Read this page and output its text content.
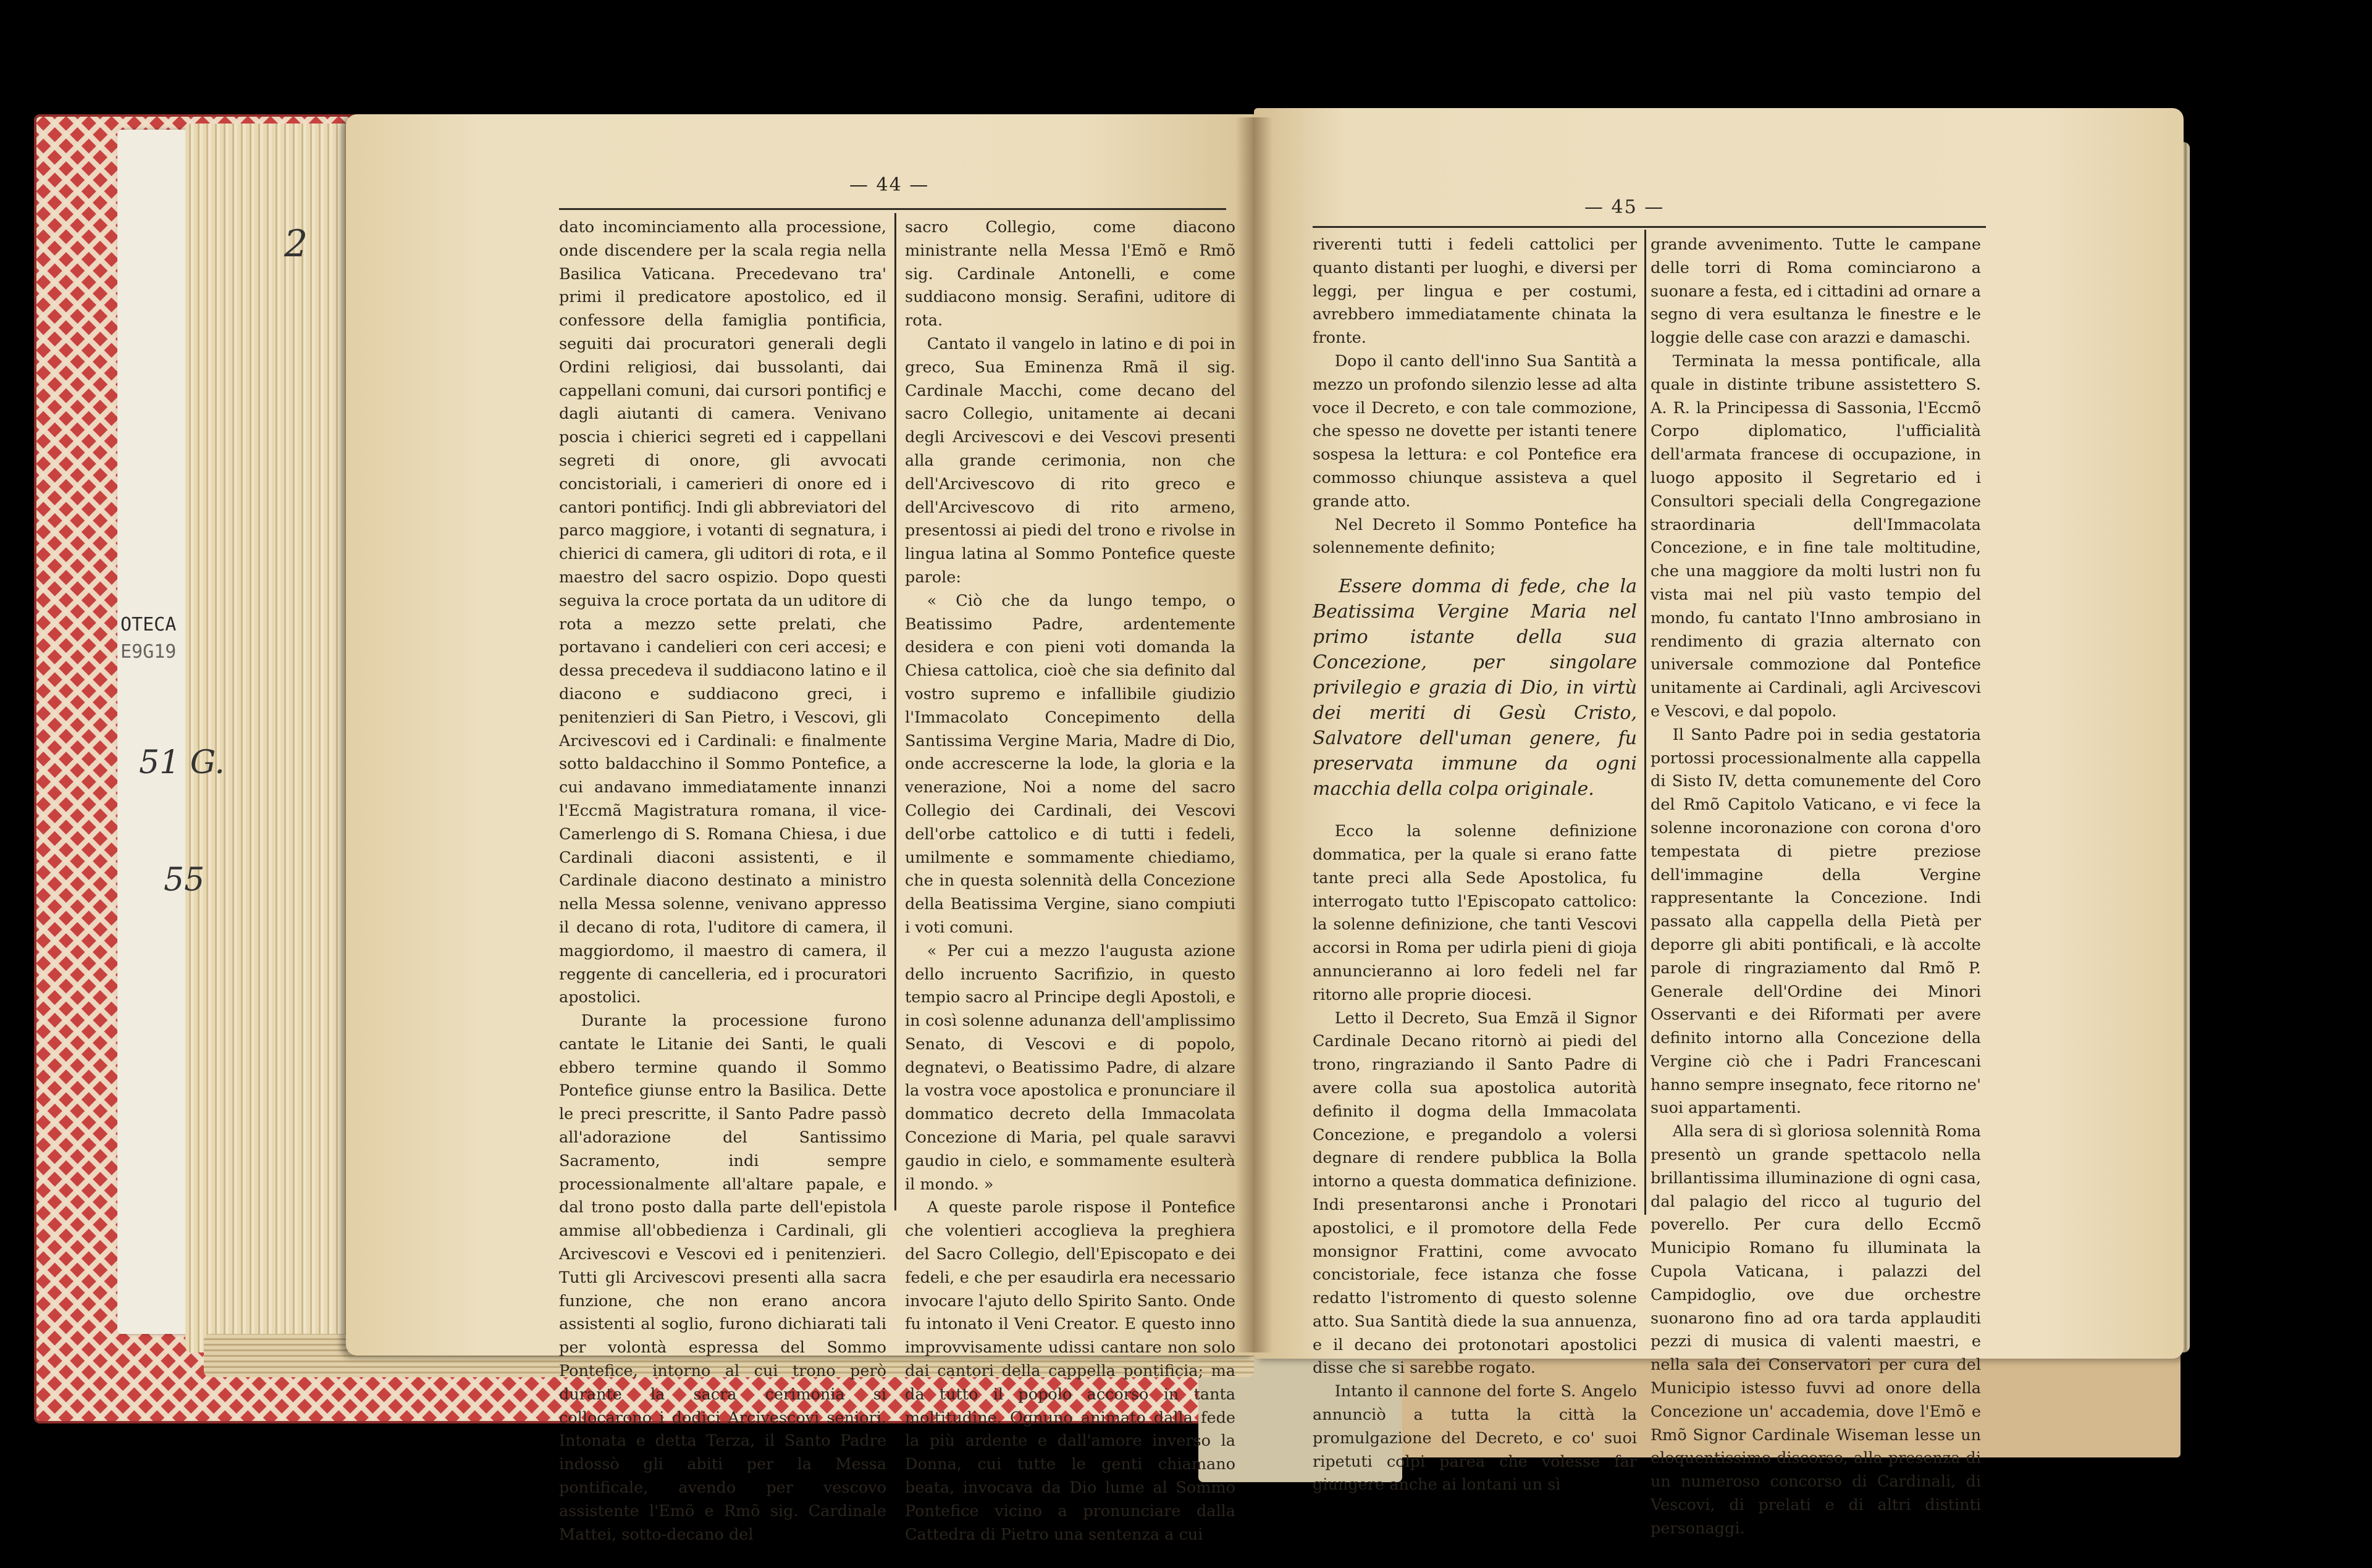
OTECA
E9G19
2
51 G.
55
— 44 —
— 45 —

dato incominciamento alla processione, onde discendere per la scala regia nella Basilica Vaticana. Precedevano tra' primi il predicatore apostolico, ed il confessore della famiglia pontificia, seguiti dai procuratori generali degli Ordini religiosi, dai bussolanti, dai cappellani comuni, dai cursori pontificj e dagli aiutanti di camera. Venivano poscia i chierici segreti ed i cappellani segreti di onore, gli avvocati concistoriali, i camerieri di onore ed i cantori pontificj. Indi gli abbreviatori del parco maggiore, i votanti di segnatura, i chierici di camera, gli uditori di rota, e il maestro del sacro ospizio. Dopo questi seguiva la croce portata da un uditore di rota a mezzo sette prelati, che portavano i candelieri con ceri accesi; e dessa precedeva il suddiacono latino e il diacono e suddiacono greci, i penitenzieri di San Pietro, i Vescovi, gli Arcivescovi ed i Cardinali: e finalmente sotto baldacchino il Sommo Pontefice, a cui andavano immediatamente innanzi l'Eccmã Magistratura romana, il vice-Camerlengo di S. Romana Chiesa, i due Cardinali diaconi assistenti, e il Cardinale diacono destinato a ministro nella Messa solenne, venivano appresso il decano di rota, l'uditore di camera, il maggiordomo, il maestro di camera, il reggente di cancelleria, ed i procuratori apostolici.

Durante la processione furono cantate le Litanie dei Santi, le quali ebbero termine quando il Sommo Pontefice giunse entro la Basilica. Dette le preci prescritte, il Santo Padre passò all'adorazione del Santissimo Sacramento, indi sempre processionalmente all'altare papale, e dal trono posto dalla parte dell'epistola ammise all'obbedienza i Cardinali, gli Arcivescovi e Vescovi ed i penitenzieri. Tutti gli Arcivescovi presenti alla sacra funzione, che non erano ancora assistenti al soglio, furono dichiarati tali per volontà espressa del Sommo Pontefice, intorno al cui trono però durante la sacra cerimonia si collocarono i dodici Arcivescovi seniori. Intonata e detta Terza, il Santo Padre indossò gli abiti per la Messa pontificale, avendo per vescovo assistente l'Emõ e Rmõ sig. Cardinale Mattei, sotto-decano del

sacro Collegio, come diacono ministrante nella Messa l'Emõ e Rmõ sig. Cardinale Antonelli, e come suddiacono monsig. Serafini, uditore di rota.

Cantato il vangelo in latino e di poi in greco, Sua Eminenza Rmã il sig. Cardinale Macchi, come decano del sacro Collegio, unitamente ai decani degli Arcivescovi e dei Vescovi presenti alla grande cerimonia, non che dell'Arcivescovo di rito greco e dell'Arcivescovo di rito armeno, presentossi ai piedi del trono e rivolse in lingua latina al Sommo Pontefice queste parole:

« Ciò che da lungo tempo, o Beatissimo Padre, ardentemente desidera e con pieni voti domanda la Chiesa cattolica, cioè che sia definito dal vostro supremo e infallibile giudizio l'Immacolato Concepimento della Santissima Vergine Maria, Madre di Dio, onde accrescerne la lode, la gloria e la venerazione, Noi a nome del sacro Collegio dei Cardinali, dei Vescovi dell'orbe cattolico e di tutti i fedeli, umilmente e sommamente chiediamo, che in questa solennità della Concezione della Beatissima Vergine, siano compiuti i voti comuni.

« Per cui a mezzo l'augusta azione dello incruento Sacrifizio, in questo tempio sacro al Principe degli Apostoli, e in così solenne adunanza dell'amplissimo Senato, di Vescovi e di popolo, degnatevi, o Beatissimo Padre, di alzare la vostra voce apostolica e pronunciare il dommatico decreto della Immacolata Concezione di Maria, pel quale saravvi gaudio in cielo, e sommamente esulterà il mondo. »

A queste parole rispose il Pontefice che volentieri accoglieva la preghiera del Sacro Collegio, dell'Episcopato e dei fedeli, e che per esaudirla era necessario invocare l'ajuto dello Spirito Santo. Onde fu intonato il Veni Creator. E questo inno improvvisamente udissi cantare non solo dai cantori della cappella pontificia; ma da tutto il popolo accorso in tanta moltitudine. Ognuno animato dalla fede la più ardente e dall'amore inverso la Donna, cui tutte le genti chiamano beata, invocava da Dio lume al Sommo Pontefice vicino a pronunciare dalla Cattedra di Pietro una sentenza a cui

riverenti tutti i fedeli cattolici per quanto distanti per luoghi, e diversi per leggi, per lingua e per costumi, avrebbero immediatamente chinata la fronte.

Dopo il canto dell'inno Sua Santità a mezzo un profondo silenzio lesse ad alta voce il Decreto, e con tale commozione, che spesso ne dovette per istanti tenere sospesa la lettura: e col Pontefice era commosso chiunque assisteva a quel grande atto.

Nel Decreto il Sommo Pontefice ha solennemente definito;

Essere domma di fede, che la Beatissima Vergine Maria nel primo istante della sua Concezione, per singolare privilegio e grazia di Dio, in virtù dei meriti di Gesù Cristo, Salvatore dell'uman genere, fu preservata immune da ogni macchia della colpa originale.

Ecco la solenne definizione dommatica, per la quale si erano fatte tante preci alla Sede Apostolica, fu interrogato tutto l'Episcopato cattolico: la solenne definizione, che tanti Vescovi accorsi in Roma per udirla pieni di gioja annuncieranno ai loro fedeli nel far ritorno alle proprie diocesi.

Letto il Decreto, Sua Emzã il Signor Cardinale Decano ritornò ai piedi del trono, ringraziando il Santo Padre di avere colla sua apostolica autorità definito il dogma della Immacolata Concezione, e pregandolo a volersi degnare di rendere pubblica la Bolla intorno a questa dommatica definizione. Indi presentaronsi anche i Pronotari apostolici, e il promotore della Fede monsignor Frattini, come avvocato concistoriale, fece istanza che fosse redatto l'istromento di questo solenne atto. Sua Santità diede la sua annuenza, e il decano dei protonotari apostolici disse che si sarebbe rogato.

Intanto il cannone del forte S. Angelo annunciò a tutta la città la promulgazione del Decreto, e co' suoi ripetuti colpi parea che volesse far giungere anche ai lontani un sì

grande avvenimento. Tutte le campane delle torri di Roma cominciarono a suonare a festa, ed i cittadini ad ornare a segno di vera esultanza le finestre e le loggie delle case con arazzi e damaschi.

Terminata la messa pontificale, alla quale in distinte tribune assistettero S. A. R. la Principessa di Sassonia, l'Eccmõ Corpo diplomatico, l'ufficialità dell'armata francese di occupazione, in luogo apposito il Segretario ed i Consultori speciali della Congregazione straordinaria dell'Immacolata Concezione, e in fine tale moltitudine, che una maggiore da molti lustri non fu vista mai nel più vasto tempio del mondo, fu cantato l'Inno ambrosiano in rendimento di grazia alternato con universale commozione dal Pontefice unitamente ai Cardinali, agli Arcivescovi e Vescovi, e dal popolo.

Il Santo Padre poi in sedia gestatoria portossi processionalmente alla cappella di Sisto IV, detta comunemente del Coro del Rmõ Capitolo Vaticano, e vi fece la solenne incoronazione con corona d'oro tempestata di pietre preziose dell'immagine della Vergine rappresentante la Concezione. Indi passato alla cappella della Pietà per deporre gli abiti pontificali, e là accolte parole di ringraziamento dal Rmõ P. Generale dell'Ordine dei Minori Osservanti e dei Riformati per avere definito intorno alla Concezione della Vergine ciò che i Padri Francescani hanno sempre insegnato, fece ritorno ne' suoi appartamenti.

Alla sera di sì gloriosa solennità Roma presentò un grande spettacolo nella brillantissima illuminazione di ogni casa, dal palagio del ricco al tugurio del poverello. Per cura dello Eccmõ Municipio Romano fu illuminata la Cupola Vaticana, i palazzi del Campidoglio, ove due orchestre suonarono fino ad ora tarda applauditi pezzi di musica di valenti maestri, e nella sala dei Conservatori per cura del Municipio istesso fuvvi ad onore della Concezione un' accademia, dove l'Emõ e Rmõ Signor Cardinale Wiseman lesse un eloquentissimo discorso, alla presenza di un numeroso concorso di Cardinali, di Vescovi, di prelati e di altri distinti personaggi.
